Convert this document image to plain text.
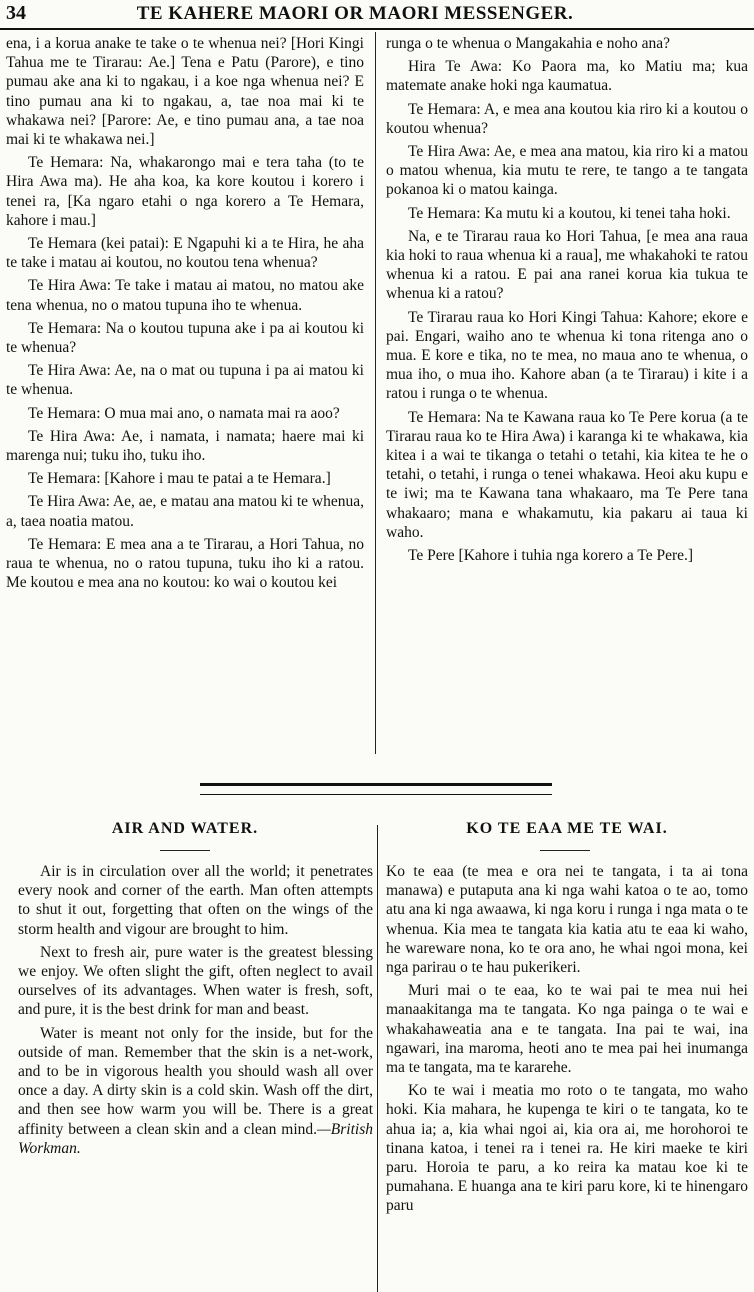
34	TE KAHERE MAORI OR MAORI MESSENGER.

ena, i a korua anake te take o te whenua nei? [Hori Kingi Tahua me te Tirarau: Ae.] Tena e Patu (Parore), e tino pumau ake ana ki to ngakau, i a koe nga whenua nei? E tino pumau ana ki to ngakau, a, tae noa mai ki te whakawa nei? [Parore: Ae, e tino pumau ana, a tae noa mai ki te whakawa nei.]

Te Hemara: Na, whakarongo mai e tera taha (to te Hira Awa ma). He aha koa, ka kore koutou i korero i tenei ra, [Ka ngaro etahi o nga korero a Te Hemara, kahore i mau.]

Te Hemara (kei patai): E Ngapuhi ki a te Hira, he aha te take i matau ai koutou, no koutou tena whenua?

Te Hira Awa: Te take i matau ai matou, no matou ake tena whenua, no o matou tupuna iho te whenua.

Te Hemara: Na o koutou tupuna ake i pa ai koutou ki te whenua?

Te Hira Awa: Ae, na o mat ou tupuna i pa ai matou ki te whenua.

Te Hemara: O mua mai ano, o namata mai ra aoo?

Te Hira Awa: Ae, i namata, i namata; haere mai ki marenga nui; tuku iho, tuku iho.

Te Hemara: [Kahore i mau te patai a te Hemara.]

Te Hira Awa: Ae, ae, e matau ana matou ki te whenua, a, taea noatia matou.

Te Hemara: E mea ana a te Tirarau, a Hori Tahua, no raua te whenua, no o ratou tupuna, tuku iho ki a ratou. Me koutou e mea ana no koutou: ko wai o koutou kei

runga o te whenua o Mangakahia e noho ana?

Hira Te Awa: Ko Paora ma, ko Matiu ma; kua matemate anake hoki nga kaumatua.

Te Hemara: A, e mea ana koutou kia riro ki a koutou o koutou whenua?

Te Hira Awa: Ae, e mea ana matou, kia riro ki a matou o matou whenua, kia mutu te rere, te tango a te tangata pokanoa ki o matou kainga.

Te Hemara: Ka mutu ki a koutou, ki tenei taha hoki.

Na, e te Tirarau raua ko Hori Tahua, [e mea ana raua kia hoki to raua whenua ki a raua], me whakahoki te ratou whenua ki a ratou. E pai ana ranei korua kia tukua te whenua ki a ratou?

Te Tirarau raua ko Hori Kingi Tahua: Kahore; ekore e pai. Engari, waiho ano te whenua ki tona ritenga ano o mua. E kore e tika, no te mea, no maua ano te whenua, o mua iho, o mua iho. Kahore aban (a te Tirarau) i kite i a ratou i runga o te whenua.

Te Hemara: Na te Kawana raua ko Te Pere korua (a te Tirarau raua ko te Hira Awa) i karanga ki te whakawa, kia kitea i a wai te tikanga o tetahi o tetahi, kia kitea te he o tetahi, o tetahi, i runga o tenei whakawa. Heoi aku kupu e te iwi; ma te Kawana tana whakaaro, ma Te Pere tana whakaaro; mana e whakamutu, kia pakaru ai taua ki waho.

Te Pere [Kahore i tuhia nga korero a Te Pere.]

AIR AND WATER.	KO TE EAA ME TE WAI.

Air is in circulation over all the world; it penetrates every nook and corner of the earth. Man often attempts to shut it out, forgetting that often on the wings of the storm health and vigour are brought to him.

Next to fresh air, pure water is the greatest blessing we enjoy. We often slight the gift, often neglect to avail ourselves of its advantages. When water is fresh, soft, and pure, it is the best drink for man and beast.

Water is meant not only for the inside, but for the outside of man. Remember that the skin is a net-work, and to be in vigorous health you should wash all over once a day. A dirty skin is a cold skin. Wash off the dirt, and then see how warm you will be. There is a great affinity between a clean skin and a clean mind.—British Workman.

Ko te eaa (te mea e ora nei te tangata, i ta ai tona manawa) e putaputa ana ki nga wahi katoa o te ao, tomo atu ana ki nga awaawa, ki nga koru i runga i nga mata o te whenua. Kia mea te tangata kia katia atu te eaa ki waho, he wareware nona, ko te ora ano, he whai ngoi mona, kei nga parirau o te hau pukerikeri.

Muri mai o te eaa, ko te wai pai te mea nui hei manaakitanga ma te tangata. Ko nga painga o te wai e whakahaweatia ana e te tangata. Ina pai te wai, ina ngawari, ina maroma, heoti ano te mea pai hei inumanga ma te tangata, ma te kararehe.

Ko te wai i meatia mo roto o te tangata, mo waho hoki. Kia mahara, he kupenga te kiri o te tangata, ko te ahua ia; a, kia whai ngoi ai, kia ora ai, me horohoroi te tinana katoa, i tenei ra i tenei ra. He kiri maeke te kiri paru. Horoia te paru, a ko reira ka matau koe ki te pumahana. E huanga ana te kiri paru kore, ki te hinengaro paru
